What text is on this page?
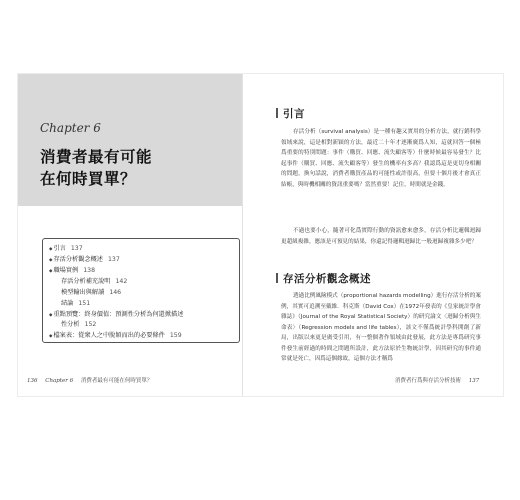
Chapter 6
消費者最有可能
在何時買單？
◆引言 137
◆存活分析觀念概述 137
◆職場實例 138
存活分析補充說明 142
模型輸出與解讀 146
結論 151
◆重點預覽：終身價值：預測性分析為何還掀描述
性分析 152
◆檔案表：從衆人之中脫穎而出的必要條件 159
136 Chapter 6 消費者最有可能在何時買單？
引言
存活分析（survival analysis）是一種有趣又實用的分析方法，就行銷科學領域來說，這是相對新穎的方法，最近二十年才逐漸廣爲人知，這就回答一個極爲重要的特別問題：事件（購買、回應、流失顧客等）什麼時候最容易發生？比起事件（購買、回應、流失顧客等）發生的機率有多高？我認爲這是更切身相關的問題，換句話說，消費者購買產品的可能性或許很高，但要十個月後才會真正結帳，與時機相關的資訊重要嗎？當然重要！記住，時間就是金錢。
不過也要小心，隨著可化爲實際行動的資訊愈來愈多，存活分析比邏輯迴歸更超級複雜，應該是可預見的結果，你還記得邏輯迴歸比一般迴歸複雜多少吧？
存活分析觀念概述
透過比例風險模式（proportional hazards modelling）進行存活分析的案例，其實可追溯至戴維．科克斯（David Cox）在1972年發表的《皇家統計學會雜誌》（Journal of the Royal Statistical Society）的研究論文〈迴歸分析與生命表〉（Regression models and life tables），該文不僅爲統計學科開創了新局，出版以來更是廣受引用，有一整個著作領域由此發展，此方法是專爲研究事件發生前經過的時間之問題所設計，此方法原於生物統計學，因其研究的事件通常就是死亡，因爲這個緣故，這個方法才稱爲
消費者行爲與存活分析技術 137
